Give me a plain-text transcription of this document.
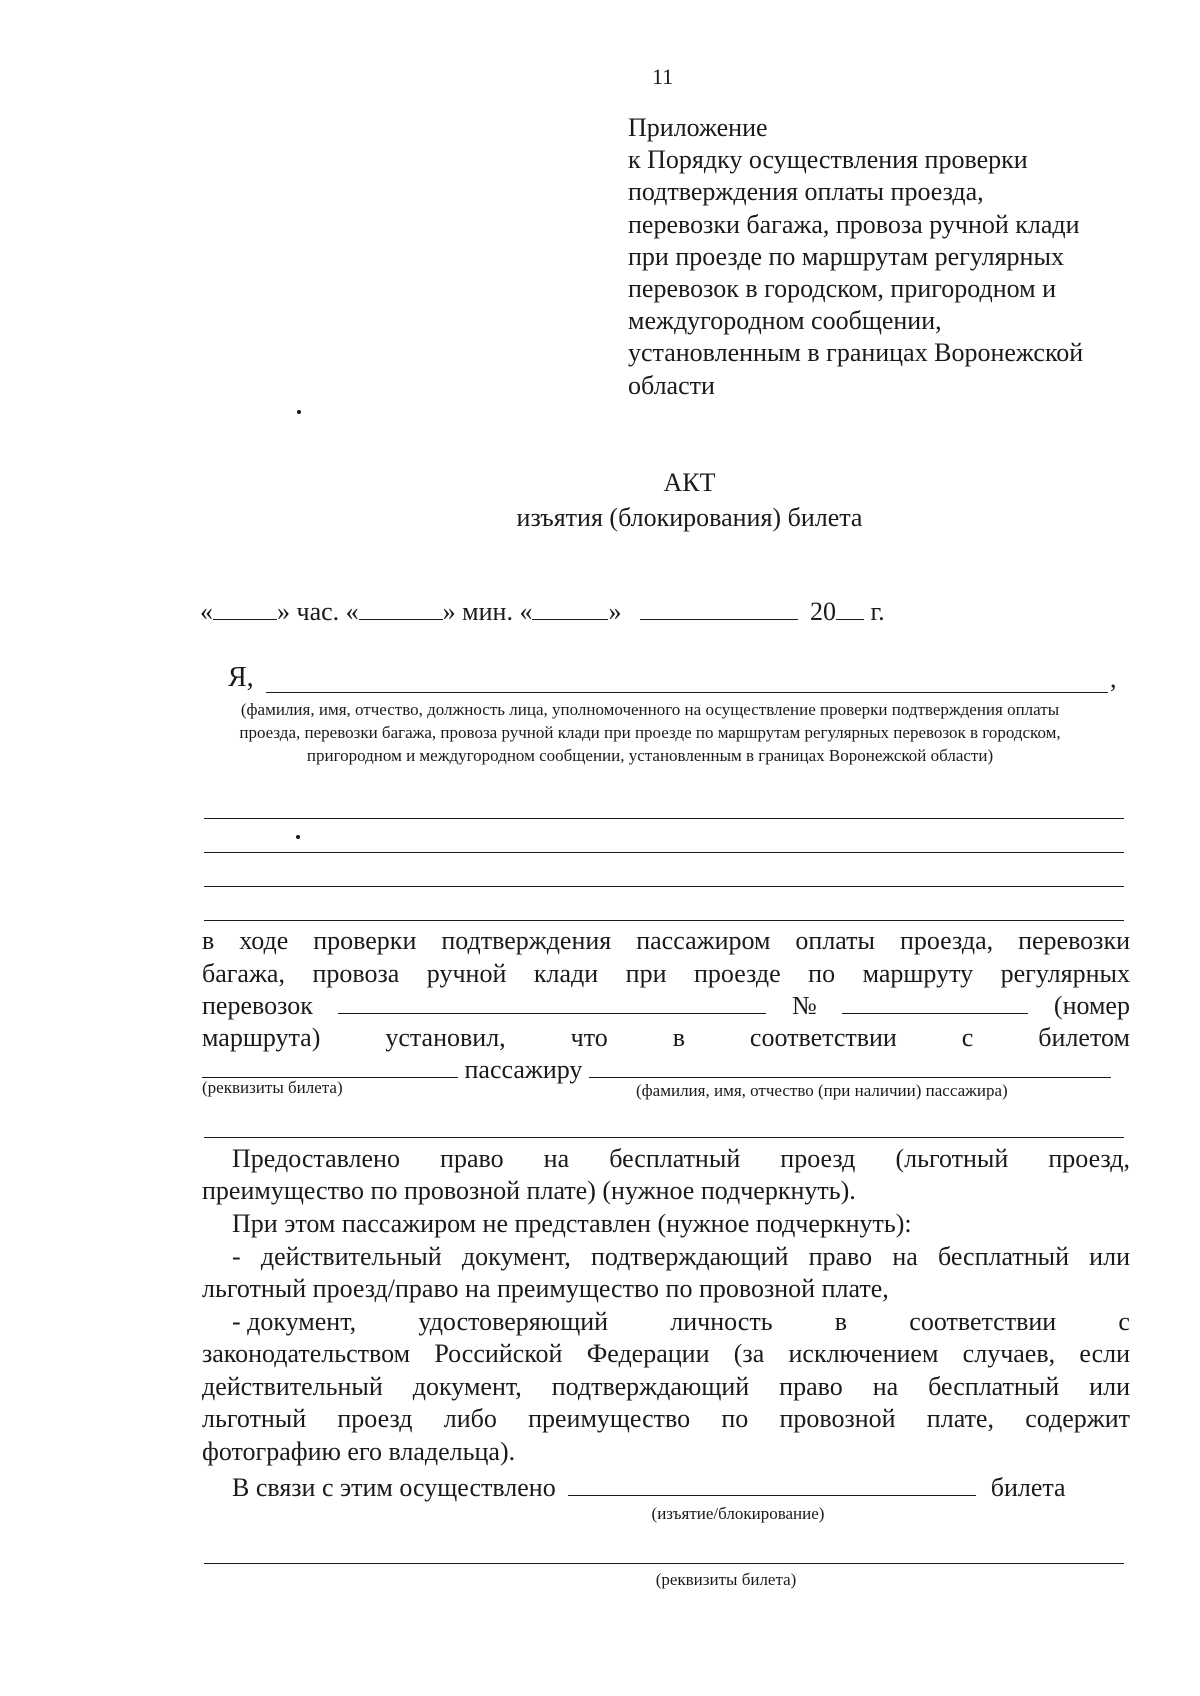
11
Приложение
к Порядку осуществления проверки
подтверждения оплаты проезда,
перевозки багажа, провоза ручной клади
при проезде по маршрутам регулярных
перевозок в городском, пригородном и
междугородном сообщении,
установленным в границах Воронежской
области
АКТ
изъятия (блокирования) билета
« » час. «	» мин. «	»	20 г.
Я,	,
(фамилия, имя, отчество, должность лица, уполномоченного на осуществление проверки подтверждения оплаты проезда, перевозки багажа, провоза ручной клади при проезде по маршрутам регулярных перевозок в городском, пригородном и междугородном сообщении, установленным в границах Воронежской области)
в ходе проверки подтверждения пассажиром оплаты проезда, перевозки
багажа, провоза ручной клади при проезде по маршруту регулярных
перевозок	№	(номер
маршрута) установил, что в соответствии с билетом
пассажиру
(реквизиты билета)	(фамилия, имя, отчество (при наличии) пассажира)
Предоставлено право на бесплатный проезд (льготный проезд,
преимущество по провозной плате) (нужное подчеркнуть).
При этом пассажиром не представлен (нужное подчеркнуть):
- действительный документ, подтверждающий право на бесплатный или
льготный проезд/право на преимущество по провозной плате,
- документ, удостоверяющий личность в соответствии с
законодательством Российской Федерации (за исключением случаев, если
действительный документ, подтверждающий право на бесплатный или
льготный проезд либо преимущество по провозной плате, содержит
фотографию его владельца).
В связи с этим осуществлено	билета
(изъятие/блокирование)
(реквизиты билета)
